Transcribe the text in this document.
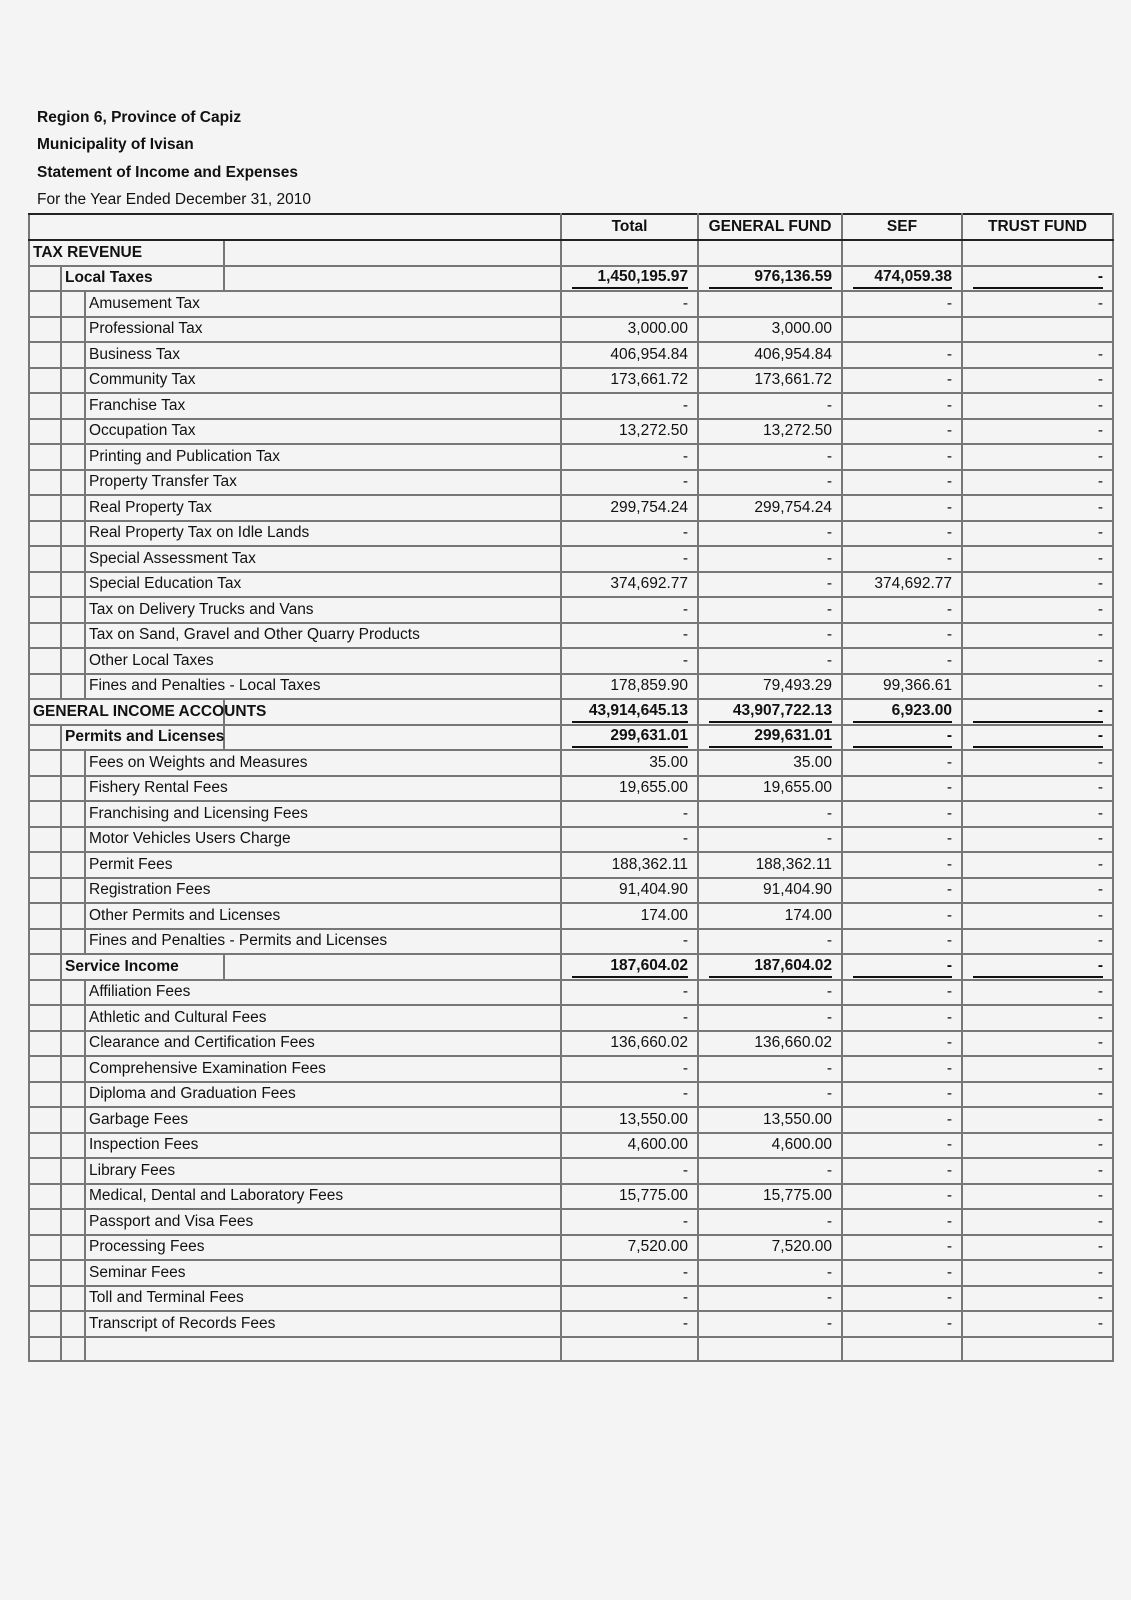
Region 6, Province of Capiz
Municipality of Ivisan
Statement of Income and Expenses
For the Year Ended December 31, 2010
				Total	GENERAL FUND	SEF	TRUST FUND
TAX REVENUE							
	Local Taxes			1,450,195.97	976,136.59	474,059.38	-

		Amusement Tax		-		-	-
		Professional Tax		3,000.00	3,000.00		
		Business Tax		406,954.84	406,954.84	-	-
		Community Tax		173,661.72	173,661.72	-	-
		Franchise Tax		-	-	-	-
		Occupation Tax		13,272.50	13,272.50	-	-
		Printing and Publication Tax		-	-	-	-
		Property Transfer Tax		-	-	-	-
		Real Property Tax		299,754.24	299,754.24	-	-
		Real Property Tax on Idle Lands		-	-	-	-
		Special Assessment Tax		-	-	-	-
		Special Education Tax		374,692.77	-	374,692.77	-
		Tax on Delivery Trucks and Vans		-	-	-	-
		Tax on Sand, Gravel and Other Quarry Products		-	-	-	-
		Other Local Taxes		-	-	-	-
		Fines and Penalties - Local Taxes		178,859.90	79,493.29	99,366.61	-
GENERAL INCOME ACCOUNTS				43,914,645.13	43,907,722.13	6,923.00	-

	Permits and Licenses			299,631.01	299,631.01	-	-

		Fees on Weights and Measures		35.00	35.00	-	-
		Fishery Rental Fees		19,655.00	19,655.00	-	-
		Franchising and Licensing Fees		-	-	-	-
		Motor Vehicles Users Charge		-	-	-	-
		Permit Fees		188,362.11	188,362.11	-	-
		Registration Fees		91,404.90	91,404.90	-	-
		Other Permits and Licenses		174.00	174.00	-	-
		Fines and Penalties - Permits and Licenses		-	-	-	-
	Service Income			187,604.02	187,604.02	-	-

		Affiliation Fees		-	-	-	-
		Athletic and Cultural Fees		-	-	-	-
		Clearance and Certification Fees		136,660.02	136,660.02	-	-
		Comprehensive Examination Fees		-	-	-	-
		Diploma and Graduation Fees		-	-	-	-
		Garbage Fees		13,550.00	13,550.00	-	-
		Inspection Fees		4,600.00	4,600.00	-	-
		Library Fees		-	-	-	-
		Medical, Dental and Laboratory Fees		15,775.00	15,775.00	-	-
		Passport and Visa Fees		-	-	-	-
		Processing Fees		7,520.00	7,520.00	-	-
		Seminar Fees		-	-	-	-
		Toll and Terminal Fees		-	-	-	-
		Transcript of Records Fees		-	-	-	-
